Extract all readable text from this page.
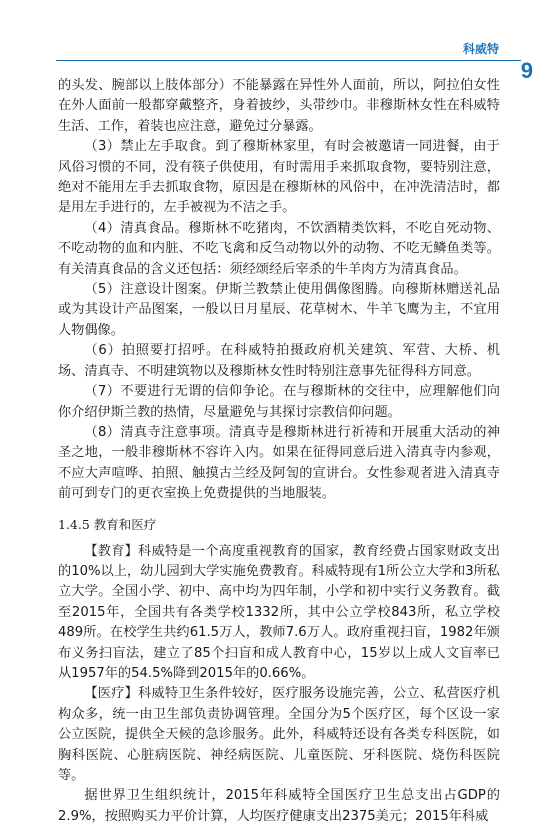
科威特
9

的头发、腕部以上肢体部分）不能暴露在异性外人面前，所以，阿拉伯女性在外人面前一般都穿戴整齐，身着披纱，头带纱巾。非穆斯林女性在科威特生活、工作，着装也应注意，避免过分暴露。

（3）禁止左手取食。到了穆斯林家里，有时会被邀请一同进餐，由于风俗习惯的不同，没有筷子供使用，有时需用手来抓取食物，要特别注意，绝对不能用左手去抓取食物，原因是在穆斯林的风俗中，在冲洗清洁时，都是用左手进行的，左手被视为不洁之手。

（4）清真食品。穆斯林不吃猪肉，不饮酒精类饮料，不吃自死动物、不吃动物的血和内脏、不吃飞禽和反刍动物以外的动物、不吃无鳞鱼类等。有关清真食品的含义还包括：须经颂经后宰杀的牛羊肉方为清真食品。

（5）注意设计图案。伊斯兰教禁止使用偶像图腾。向穆斯林赠送礼品或为其设计产品图案，一般以日月星辰、花草树木、牛羊飞鹰为主，不宜用人物偶像。

（6）拍照要打招呼。在科威特拍摄政府机关建筑、军营、大桥、机场、清真寺、不明建筑物以及穆斯林女性时特别注意事先征得科方同意。

（7）不要进行无谓的信仰争论。在与穆斯林的交往中，应理解他们向你介绍伊斯兰教的热情，尽量避免与其探讨宗教信仰问题。

（8）清真寺注意事项。清真寺是穆斯林进行祈祷和开展重大活动的神圣之地，一般非穆斯林不容许入内。如果在征得同意后进入清真寺内参观，不应大声喧哗、拍照、触摸古兰经及阿訇的宣讲台。女性参观者进入清真寺前可到专门的更衣室换上免费提供的当地服装。

1.4.5 教育和医疗

【教育】科威特是一个高度重视教育的国家，教育经费占国家财政支出的10%以上，幼儿园到大学实施免费教育。科威特现有1所公立大学和3所私立大学。全国小学、初中、高中均为四年制，小学和初中实行义务教育。截至2015年，全国共有各类学校1332所，其中公立学校843所，私立学校489所。在校学生共约61.5万人，教师7.6万人。政府重视扫盲，1982年颁布义务扫盲法，建立了85个扫盲和成人教育中心，15岁以上成人文盲率已从1957年的54.5%降到2015年的0.66%。

【医疗】科威特卫生条件较好，医疗服务设施完善，公立、私营医疗机构众多，统一由卫生部负责协调管理。全国分为5个医疗区，每个区设一家公立医院，提供全天候的急诊服务。此外，科威特还设有各类专科医院，如胸科医院、心脏病医院、神经病医院、儿童医院、牙科医院、烧伤科医院等。

据世界卫生组织统计，2015年科威特全国医疗卫生总支出占GDP的2.9%，按照购买力平价计算，人均医疗健康支出2375美元；2015年科威
